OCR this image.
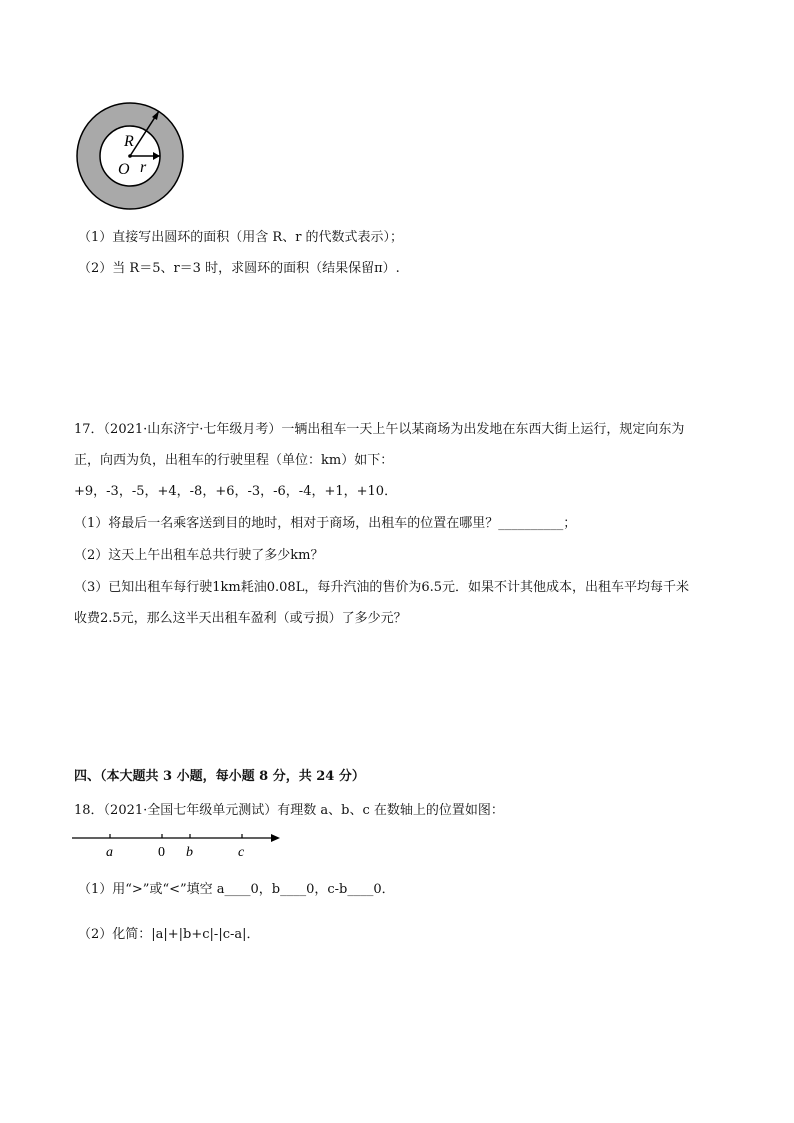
R
O r
（1）直接写出圆环的面积（用含 R、r 的代数式表示）；
（2）当 R＝5、r＝3 时，求圆环的面积（结果保留π）.
17．（2021·山东济宁·七年级月考）一辆出租车一天上午以某商场为出发地在东西大街上运行，规定向东为
正，向西为负，出租车的行驶里程（单位：km）如下：
+9，-3，-5，+4，-8，+6，-3，-6，-4，+1，+10．
（1）将最后一名乘客送到目的地时，相对于商场，出租车的位置在哪里？__________；
（2）这天上午出租车总共行驶了多少km？
（3）已知出租车每行驶1km耗油0.08L，每升汽油的售价为6.5元．如果不计其他成本，出租车平均每千米
收费2.5元，那么这半天出租车盈利（或亏损）了多少元？
四、（本大题共 3 小题，每小题 8 分，共 24 分）
18．（2021·全国七年级单元测试）有理数 a、b、c 在数轴上的位置如图：
a	0 b	c
（1）用“>”或“<”填空 a____0，b____0，c-b____0．
（2）化简：|a|+|b+c|-|c-a|．
